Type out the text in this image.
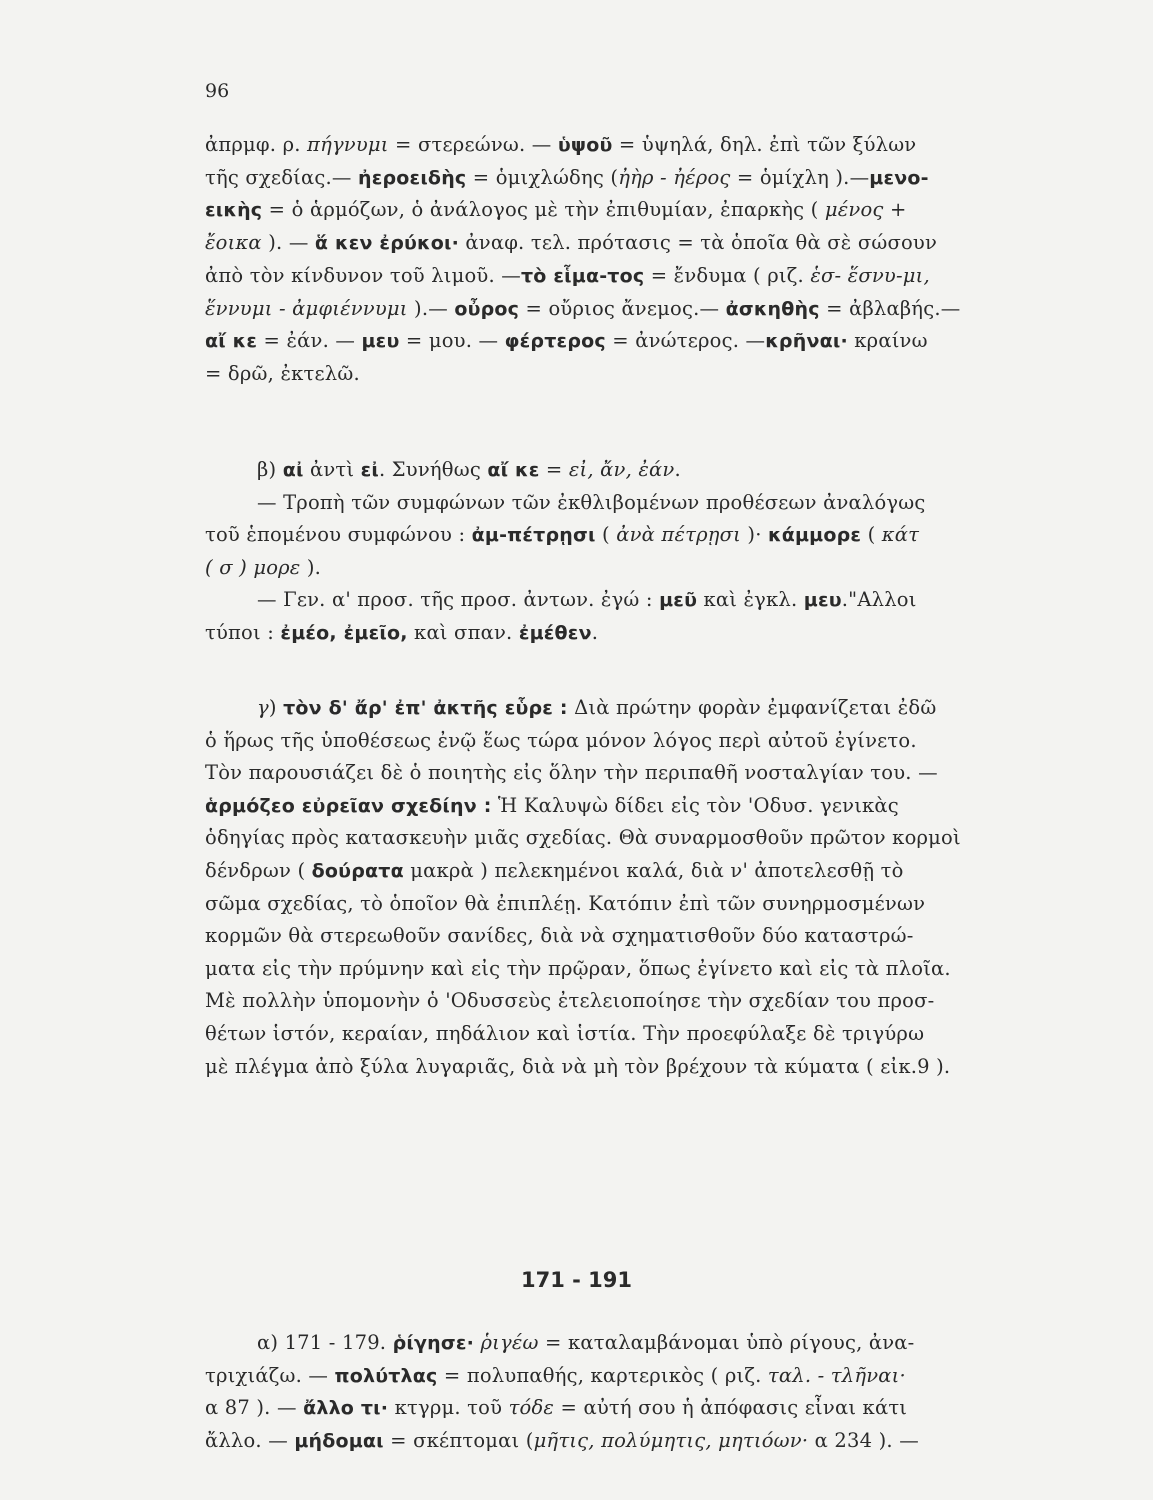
96
ἀπρμφ. ρ. πήγνυμι = στερεώνω. — ὑψοῦ = ὑψηλά, δηλ. ἐπὶ τῶν ξύλων
τῆς σχεδίας.— ἠεροειδὴς = ὁμιχλώδης (ἠὴρ - ἠέρος = ὁμίχλη ).—μενο-
εικὴς = ὁ ἁρμόζων, ὁ ἀνάλογος μὲ τὴν ἐπιθυμίαν, ἐπαρκὴς ( μένος +
ἔοικα ). — ἅ κεν ἐρύκοι· ἀναφ. τελ. πρότασις = τὰ ὁποῖα θὰ σὲ σώσουν
ἀπὸ τὸν κίνδυνον τοῦ λιμοῦ. —τὸ εἷμα-τος = ἔνδυμα ( ριζ. ἑσ- ἕσνυ-μι,
ἕννυμι - ἀμφιέννυμι ).— οὖρος = οὔριος ἄνεμος.— ἀσκηθὴς = ἀβλαβής.—
αἴ κε = ἐάν. — μευ = μου. — φέρτερος = ἀνώτερος. —κρῆναι· κραίνω
= δρῶ, ἐκτελῶ.
β) αἰ ἀντὶ εἰ. Συνήθως αἴ κε = εἰ, ἄν, ἐάν.
— Τροπὴ τῶν συμφώνων τῶν ἐκθλιβομένων προθέσεων ἀναλόγως
τοῦ ἑπομένου συμφώνου : ἀμ-πέτρῃσι ( ἀνὰ πέτρῃσι )· κάμμορε ( κάτ
( σ ) μορε ).
— Γεν. α' προσ. τῆς προσ. ἀντων. ἐγώ : μεῦ καὶ ἐγκλ. μευ."Αλλοι
τύποι : ἐμέο, ἐμεῖο, καὶ σπαν. ἐμέθεν.
γ) τὸν δ' ἄρ' ἐπ' ἀκτῆς εὗρε : Διὰ πρώτην φορὰν ἐμφανίζεται ἐδῶ
ὁ ἥρως τῆς ὑποθέσεως ἐνῷ ἕως τώρα μόνον λόγος περὶ αὐτοῦ ἐγίνετο.
Τὸν παρουσιάζει δὲ ὁ ποιητὴς εἰς ὅλην τὴν περιπαθῆ νοσταλγίαν του. —
ἁρμόζεο εὐρεῖαν σχεδίην : Ἡ Καλυψὼ δίδει εἰς τὸν 'Οδυσ. γενικὰς
ὁδηγίας πρὸς κατασκευὴν μιᾶς σχεδίας. Θὰ συναρμοσθοῦν πρῶτον κορμοὶ
δένδρων ( δούρατα μακρὰ ) πελεκημένοι καλά, διὰ ν' ἀποτελεσθῇ τὸ
σῶμα σχεδίας, τὸ ὁποῖον θὰ ἐπιπλέῃ. Κατόπιν ἐπὶ τῶν συνηρμοσμένων
κορμῶν θὰ στερεωθοῦν σανίδες, διὰ νὰ σχηματισθοῦν δύο καταστρώ-
ματα εἰς τὴν πρύμνην καὶ εἰς τὴν πρῷραν, ὅπως ἐγίνετο καὶ εἰς τὰ πλοῖα.
Μὲ πολλὴν ὑπομονὴν ὁ 'Οδυσσεὺς ἐτελειοποίησε τὴν σχεδίαν του προσ-
θέτων ἱστόν, κεραίαν, πηδάλιον καὶ ἱστία. Τὴν προεφύλαξε δὲ τριγύρω
μὲ πλέγμα ἀπὸ ξύλα λυγαριᾶς, διὰ νὰ μὴ τὸν βρέχουν τὰ κύματα ( εἰκ.9 ).
α) 171 - 179. ῥίγησε· ῥιγέω = καταλαμβάνομαι ὑπὸ ρίγους, ἀνα-
τριχιάζω. — πολύτλας = πολυπαθής, καρτερικὸς ( ριζ. ταλ. - τλῆναι·
α 87 ). — ἄλλο τι· κτγρμ. τοῦ τόδε = αὐτή σου ἡ ἀπόφασις εἶναι κάτι
ἄλλο. — μήδομαι = σκέπτομαι (μῆτις, πολύμητις, μητιόων· α 234 ). —
171 - 191
